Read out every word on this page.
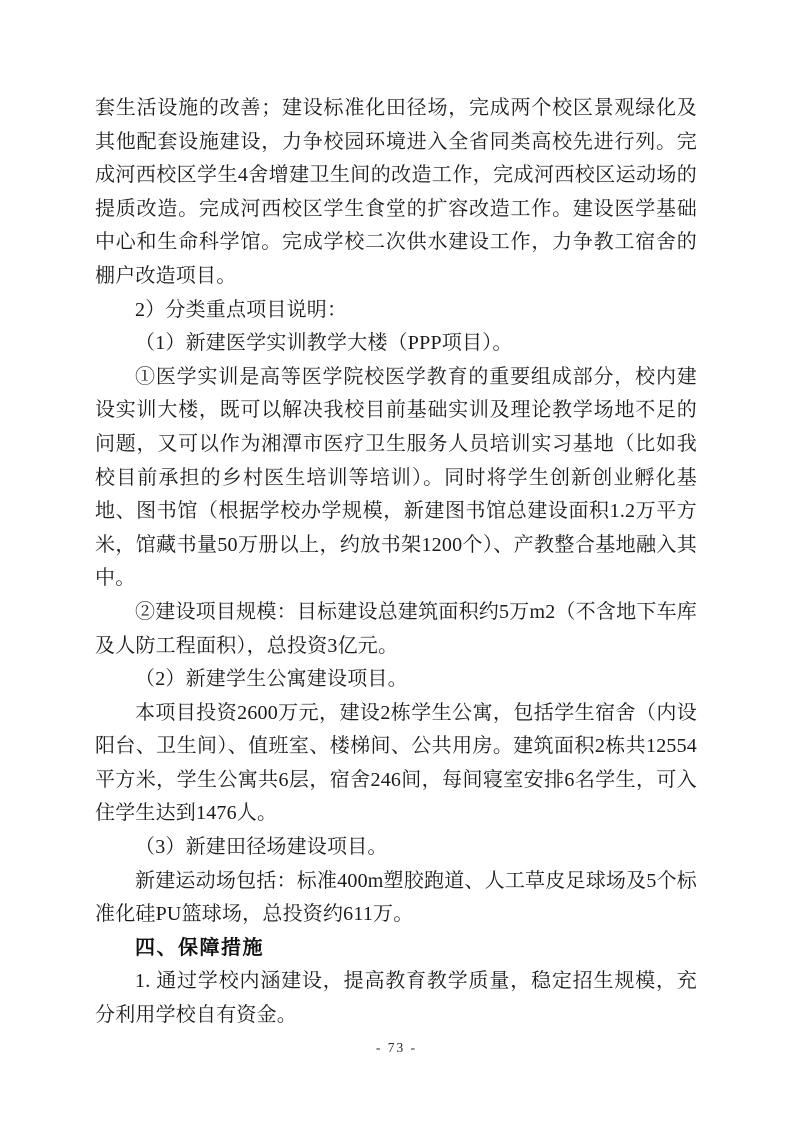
套生活设施的改善；建设标准化田径场，完成两个校区景观绿化及其他配套设施建设，力争校园环境进入全省同类高校先进行列。完成河西校区学生4舍增建卫生间的改造工作，完成河西校区运动场的提质改造。完成河西校区学生食堂的扩容改造工作。建设医学基础中心和生命科学馆。完成学校二次供水建设工作，力争教工宿舍的棚户改造项目。

2）分类重点项目说明：

（1）新建医学实训教学大楼（PPP项目）。

①医学实训是高等医学院校医学教育的重要组成部分，校内建设实训大楼，既可以解决我校目前基础实训及理论教学场地不足的问题，又可以作为湘潭市医疗卫生服务人员培训实习基地（比如我校目前承担的乡村医生培训等培训）。同时将学生创新创业孵化基地、图书馆（根据学校办学规模，新建图书馆总建设面积1.2万平方米，馆藏书量50万册以上，约放书架1200个）、产教整合基地融入其中。

②建设项目规模：目标建设总建筑面积约5万m2（不含地下车库及人防工程面积），总投资3亿元。

（2）新建学生公寓建设项目。

本项目投资2600万元，建设2栋学生公寓，包括学生宿舍（内设阳台、卫生间）、值班室、楼梯间、公共用房。建筑面积2栋共12554平方米，学生公寓共6层，宿舍246间，每间寝室安排6名学生，可入住学生达到1476人。

（3）新建田径场建设项目。

新建运动场包括：标准400m塑胶跑道、人工草皮足球场及5个标准化硅PU篮球场，总投资约611万。

四、保障措施

1. 通过学校内涵建设，提高教育教学质量，稳定招生规模，充分利用学校自有资金。

- 73 -
